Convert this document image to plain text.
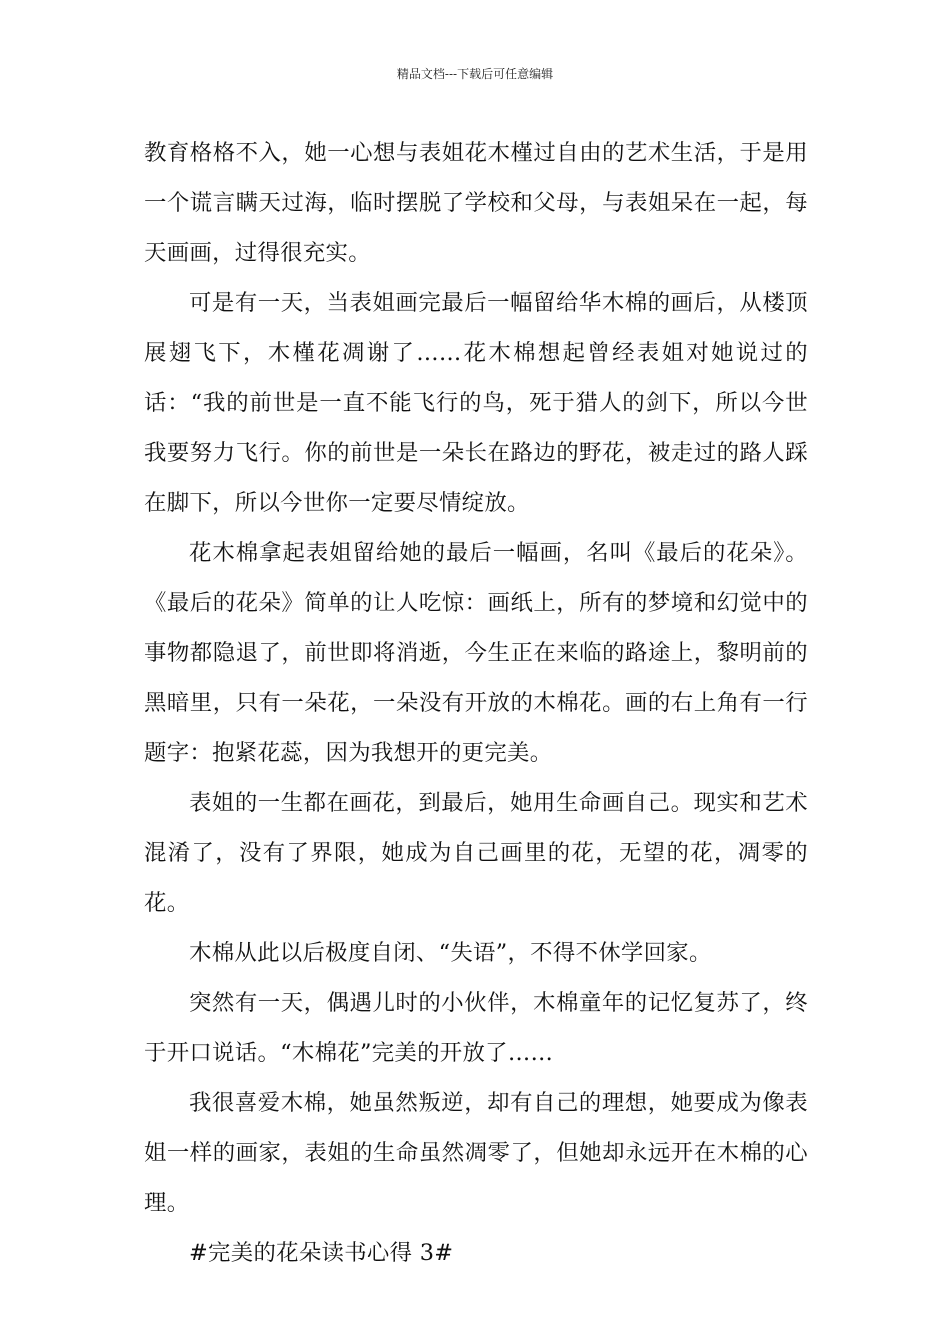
精品文档---下载后可任意编辑

教育格格不入，她一心想与表姐花木槿过自由的艺术生活，于是用一个谎言瞒天过海，临时摆脱了学校和父母，与表姐呆在一起，每天画画，过得很充实。

可是有一天，当表姐画完最后一幅留给华木棉的画后，从楼顶展翅飞下，木槿花凋谢了……花木棉想起曾经表姐对她说过的话：“我的前世是一直不能飞行的鸟，死于猎人的剑下，所以今世我要努力飞行。你的前世是一朵长在路边的野花，被走过的路人踩在脚下，所以今世你一定要尽情绽放。

花木棉拿起表姐留给她的最后一幅画，名叫《最后的花朵》。《最后的花朵》简单的让人吃惊：画纸上，所有的梦境和幻觉中的事物都隐退了，前世即将消逝，今生正在来临的路途上，黎明前的黑暗里，只有一朵花，一朵没有开放的木棉花。画的右上角有一行题字：抱紧花蕊，因为我想开的更完美。

表姐的一生都在画花，到最后，她用生命画自己。现实和艺术混淆了，没有了界限，她成为自己画里的花，无望的花，凋零的花。

木棉从此以后极度自闭、“失语”，不得不休学回家。

突然有一天，偶遇儿时的小伙伴，木棉童年的记忆复苏了，终于开口说话。“木棉花”完美的开放了……

我很喜爱木棉，她虽然叛逆，却有自己的理想，她要成为像表姐一样的画家，表姐的生命虽然凋零了，但她却永远开在木棉的心理。

#完美的花朵读书心得 3#
